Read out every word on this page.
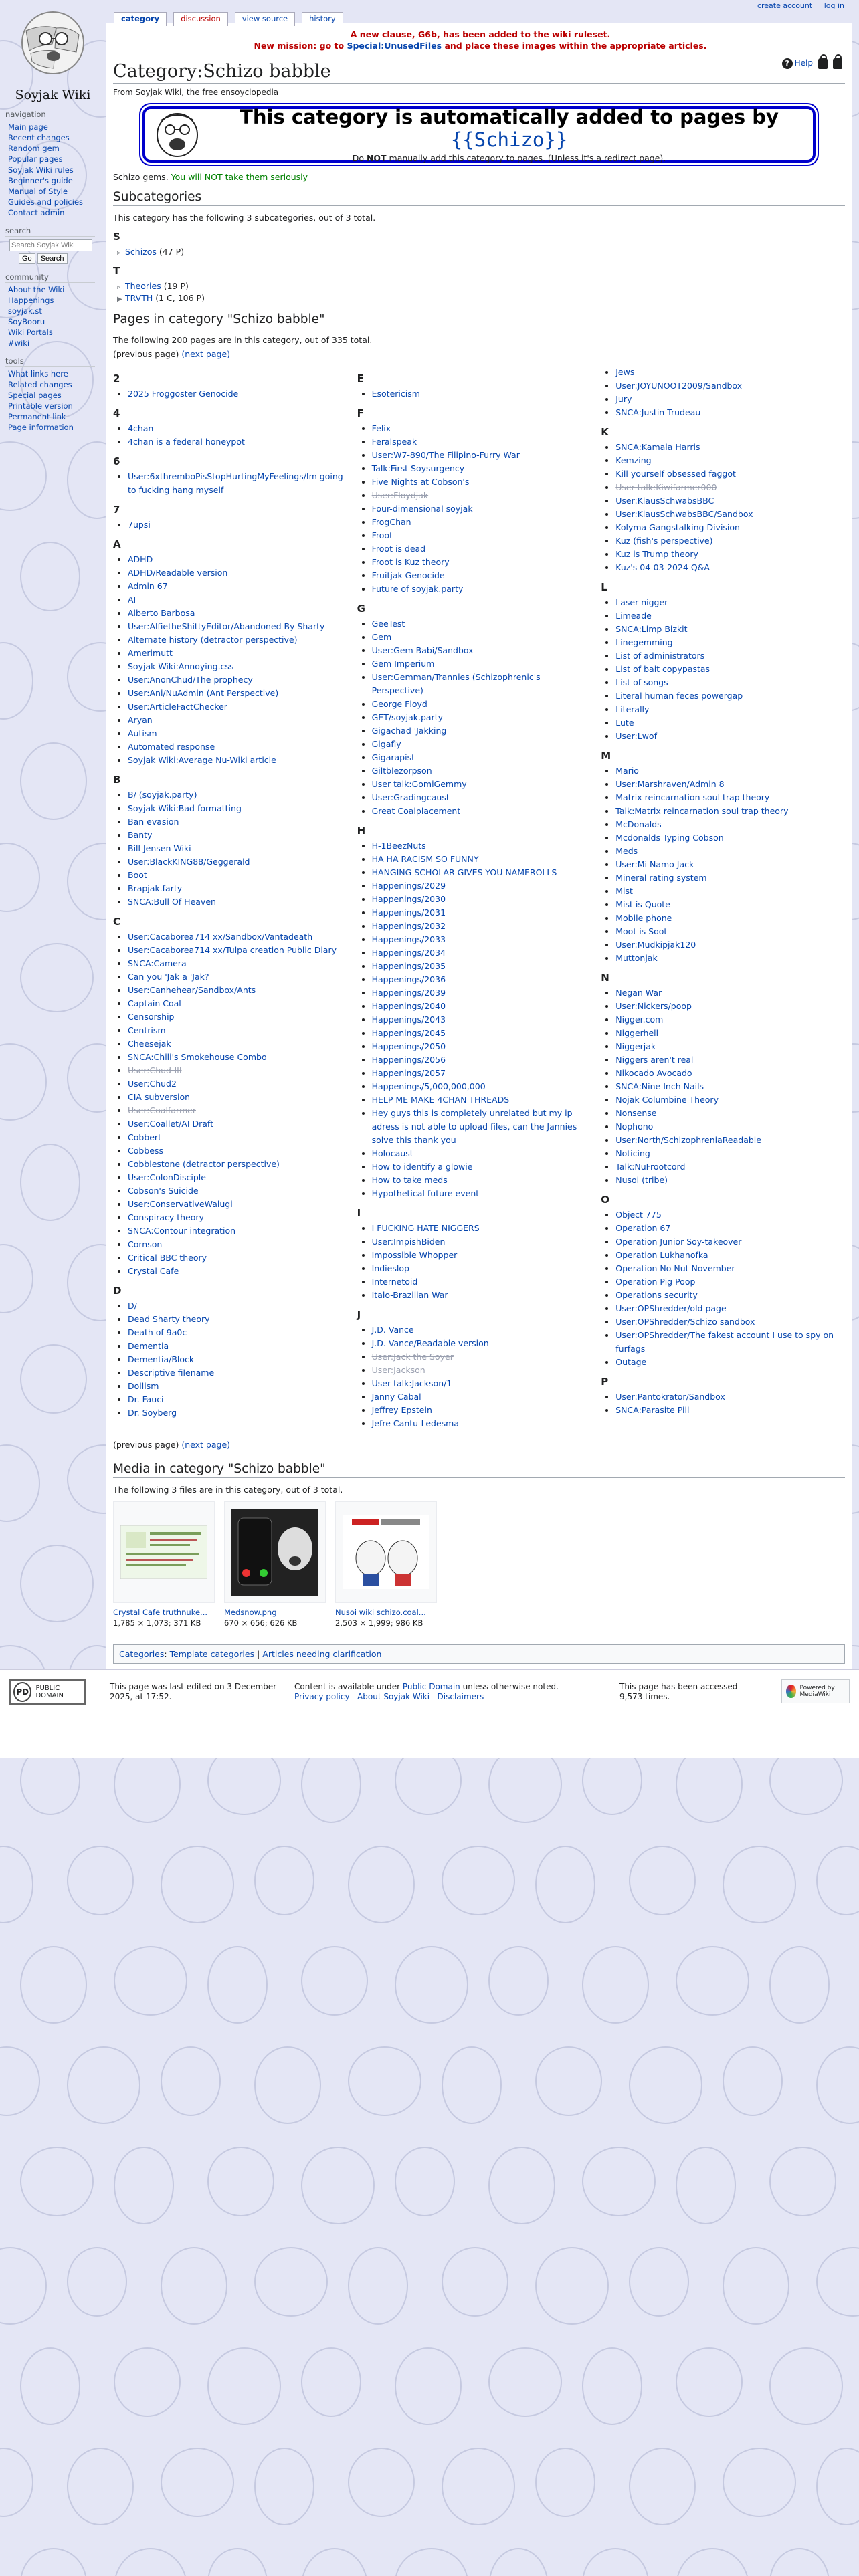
create account log in
Soyjak Wiki
category	discussion	view source	history
? Help
Category:Schizo babble
From Soyjak Wiki, the free ensoyclopedia
This category is automatically added to pages by {{Schizo}}
Do NOT manually add this category to pages. (Unless it's a redirect page).
Schizo gems. You will NOT take them seriously
Subcategories
This category has the following 3 subcategories, out of 3 total.
S
▹ Schizos (47 P)
T
▹ Theories (19 P)
▶ TRVTH (1 C, 106 P)
Pages in category "Schizo babble"
The following 200 pages are in this category, out of 335 total.
(previous page) (next page)
2
• 2025 Froggoster Genocide
4
• 4chan
• 4chan is a federal honeypot
6
• User:6xthremboPisStopHurtingMyFeelings/Im going to fucking hang myself
7
• 7upsi
A
• ADHD
• ADHD/Readable version
• Admin 67
• AI
• Alberto Barbosa
• User:AlfietheShittyEditor/Abandoned By Sharty
• Alternate history (detractor perspective)
• Amerimutt
• Soyjak Wiki:Annoying.css
• User:AnonChud/The prophecy
• User:Ani/NuAdmin (Ant Perspective)
• User:ArticleFactChecker
• Aryan
• Autism
• Automated response
• Soyjak Wiki:Average Nu-Wiki article
B
• B/ (soyjak.party)
• Soyjak Wiki:Bad formatting
• Ban evasion
• Banty
• Bill Jensen Wiki
• User:BlackKING88/Geggerald
• Boot
• Brapjak.farty
• SNCA:Bull Of Heaven
C
• User:Cacaborea714 xx/Sandbox/Vantadeath
• User:Cacaborea714 xx/Tulpa creation Public Diary
• SNCA:Camera
• Can you 'Jak a 'Jak?
• User:Canhehear/Sandbox/Ants
• Captain Coal
• Censorship
• Centrism
• Cheesejak
• SNCA:Chili's Smokehouse Combo
• User:Chud-III
• User:Chud2
• CIA subversion
• User:Coalfarmer
• User:Coallet/AI Draft
• Cobbert
• Cobbess
• Cobblestone (detractor perspective)
• User:ColonDisciple
• Cobson's Suicide
• User:ConservativeWalugi
• Conspiracy theory
• SNCA:Contour integration
• Cornson
• Critical BBC theory
• Crystal Cafe
D
• D/
• Dead Sharty theory
• Death of 9a0c
• Dementia
• Dementia/Block
• Descriptive filename
• Dollism
• Dr. Fauci
• Dr. Soyberg
E
• Esotericism
F
• Felix
• Feralspeak
• User:W7-890/The Filipino-Furry War
• Talk:First Soysurgency
• Five Nights at Cobson's
• User:Floydjak
• Four-dimensional soyjak
• FrogChan
• Froot
• Froot is dead
• Froot is Kuz theory
• Fruitjak Genocide
• Future of soyjak.party
G
• GeeTest
• Gem
• User:Gem Babi/Sandbox
• Gem Imperium
• User:Gemman/Trannies (Schizophrenic's Perspective)
• George Floyd
• GET/soyjak.party
• Gigachad 'Jakking
• Gigafly
• Gigarapist
• Giltblezorpson
• User talk:GomiGemmy
• User:Gradingcaust
• Great Coalplacement
H
• H-1BeezNuts
• HA HA RACISM SO FUNNY
• HANGING SCHOLAR GIVES YOU NAMEROLLS
• Happenings/2029
• Happenings/2030
• Happenings/2031
• Happenings/2032
• Happenings/2033
• Happenings/2034
• Happenings/2035
• Happenings/2036
• Happenings/2039
• Happenings/2040
• Happenings/2043
• Happenings/2045
• Happenings/2050
• Happenings/2056
• Happenings/2057
• Happenings/5,000,000,000
• HELP ME MAKE 4CHAN THREADS
• Hey guys this is completely unrelated but my ip adress is not able to upload files, can the Jannies solve this thank you
• Holocaust
• How to identify a glowie
• How to take meds
• Hypothetical future event
I
• I FUCKING HATE NIGGERS
• User:ImpishBiden
• Impossible Whopper
• Indieslop
• Internetoid
• Italo-Brazilian War
J
• J.D. Vance
• J.D. Vance/Readable version
• User:Jack the Soyer
• User:Jackson
• User talk:Jackson/1
• Janny Cabal
• Jeffrey Epstein
• Jefre Cantu-Ledesma
• Jews
• User:JOYUNOOT2009/Sandbox
• Jury
• SNCA:Justin Trudeau
K
• SNCA:Kamala Harris
• Kemzing
• Kill yourself obsessed faggot
• User talk:Kiwifarmer000
• User:KlausSchwabsBBC
• User:KlausSchwabsBBC/Sandbox
• Kolyma Gangstalking Division
• Kuz (fish's perspective)
• Kuz is Trump theory
• Kuz's 04-03-2024 Q&A
L
• Laser nigger
• Limeade
• SNCA:Limp Bizkit
• Linegemming
• List of administrators
• List of bait copypastas
• List of songs
• Literal human feces powergap
• Literally
• Lute
• User:Lwof
M
• Mario
• User:Marshraven/Admin 8
• Matrix reincarnation soul trap theory
• Talk:Matrix reincarnation soul trap theory
• McDonalds
• Mcdonalds Typing Cobson
• Meds
• User:Mi Namo Jack
• Mineral rating system
• Mist
• Mist is Quote
• Mobile phone
• Moot is Soot
• User:Mudkipjak120
• Muttonjak
N
• Negan War
• User:Nickers/poop
• Nigger.com
• Niggerhell
• Niggerjak
• Niggers aren't real
• Nikocado Avocado
• SNCA:Nine Inch Nails
• Nojak Columbine Theory
• Nonsense
• Nophono
• User:North/SchizophreniaReadable
• Noticing
• Talk:NuFrootcord
• Nusoi (tribe)
O
• Object 775
• Operation 67
• Operation Junior Soy-takeover
• Operation Lukhanofka
• Operation No Nut November
• Operation Pig Poop
• Operations security
• User:OPShredder/old page
• User:OPShredder/Schizo sandbox
• User:OPShredder/The fakest account I use to spy on furfags
• Outage
P
• User:Pantokrator/Sandbox
• SNCA:Parasite Pill
(previous page) (next page)
Media in category "Schizo babble"
The following 3 files are in this category, out of 3 total.
Crystal Cafe truthnuke...
1,785 × 1,073; 371 KB
Medsnow.png
670 × 656; 626 KB
Nusoi wiki schizo.coal...
2,503 × 1,999; 986 KB
Categories: Template categories | Articles needing clarification
A new clause, G6b, has been added to the wiki ruleset.
New mission: go to Special:UnusedFiles and place these images within the appropriate articles.
navigation
Main page
Recent changes
Random gem
Popular pages
Soyjak Wiki rules
Beginner's guide
Manual of Style
Guides and policies
Contact admin
search
Search Soyjak Wiki
Go Search
community
About the Wiki
Happenings
soyjak.st
SoyBooru
Wiki Portals
#wiki
tools
What links here
Related changes
Special pages
Printable version
Permanent link
Page information
PD	PUBLIC DOMAIN
This page was last edited on 3 December 2025, at 17:52.
Content is available under Public Domain unless otherwise noted.
Privacy policy About Soyjak Wiki Disclaimers
This page has been accessed 9,573 times.
Powered by MediaWiki
